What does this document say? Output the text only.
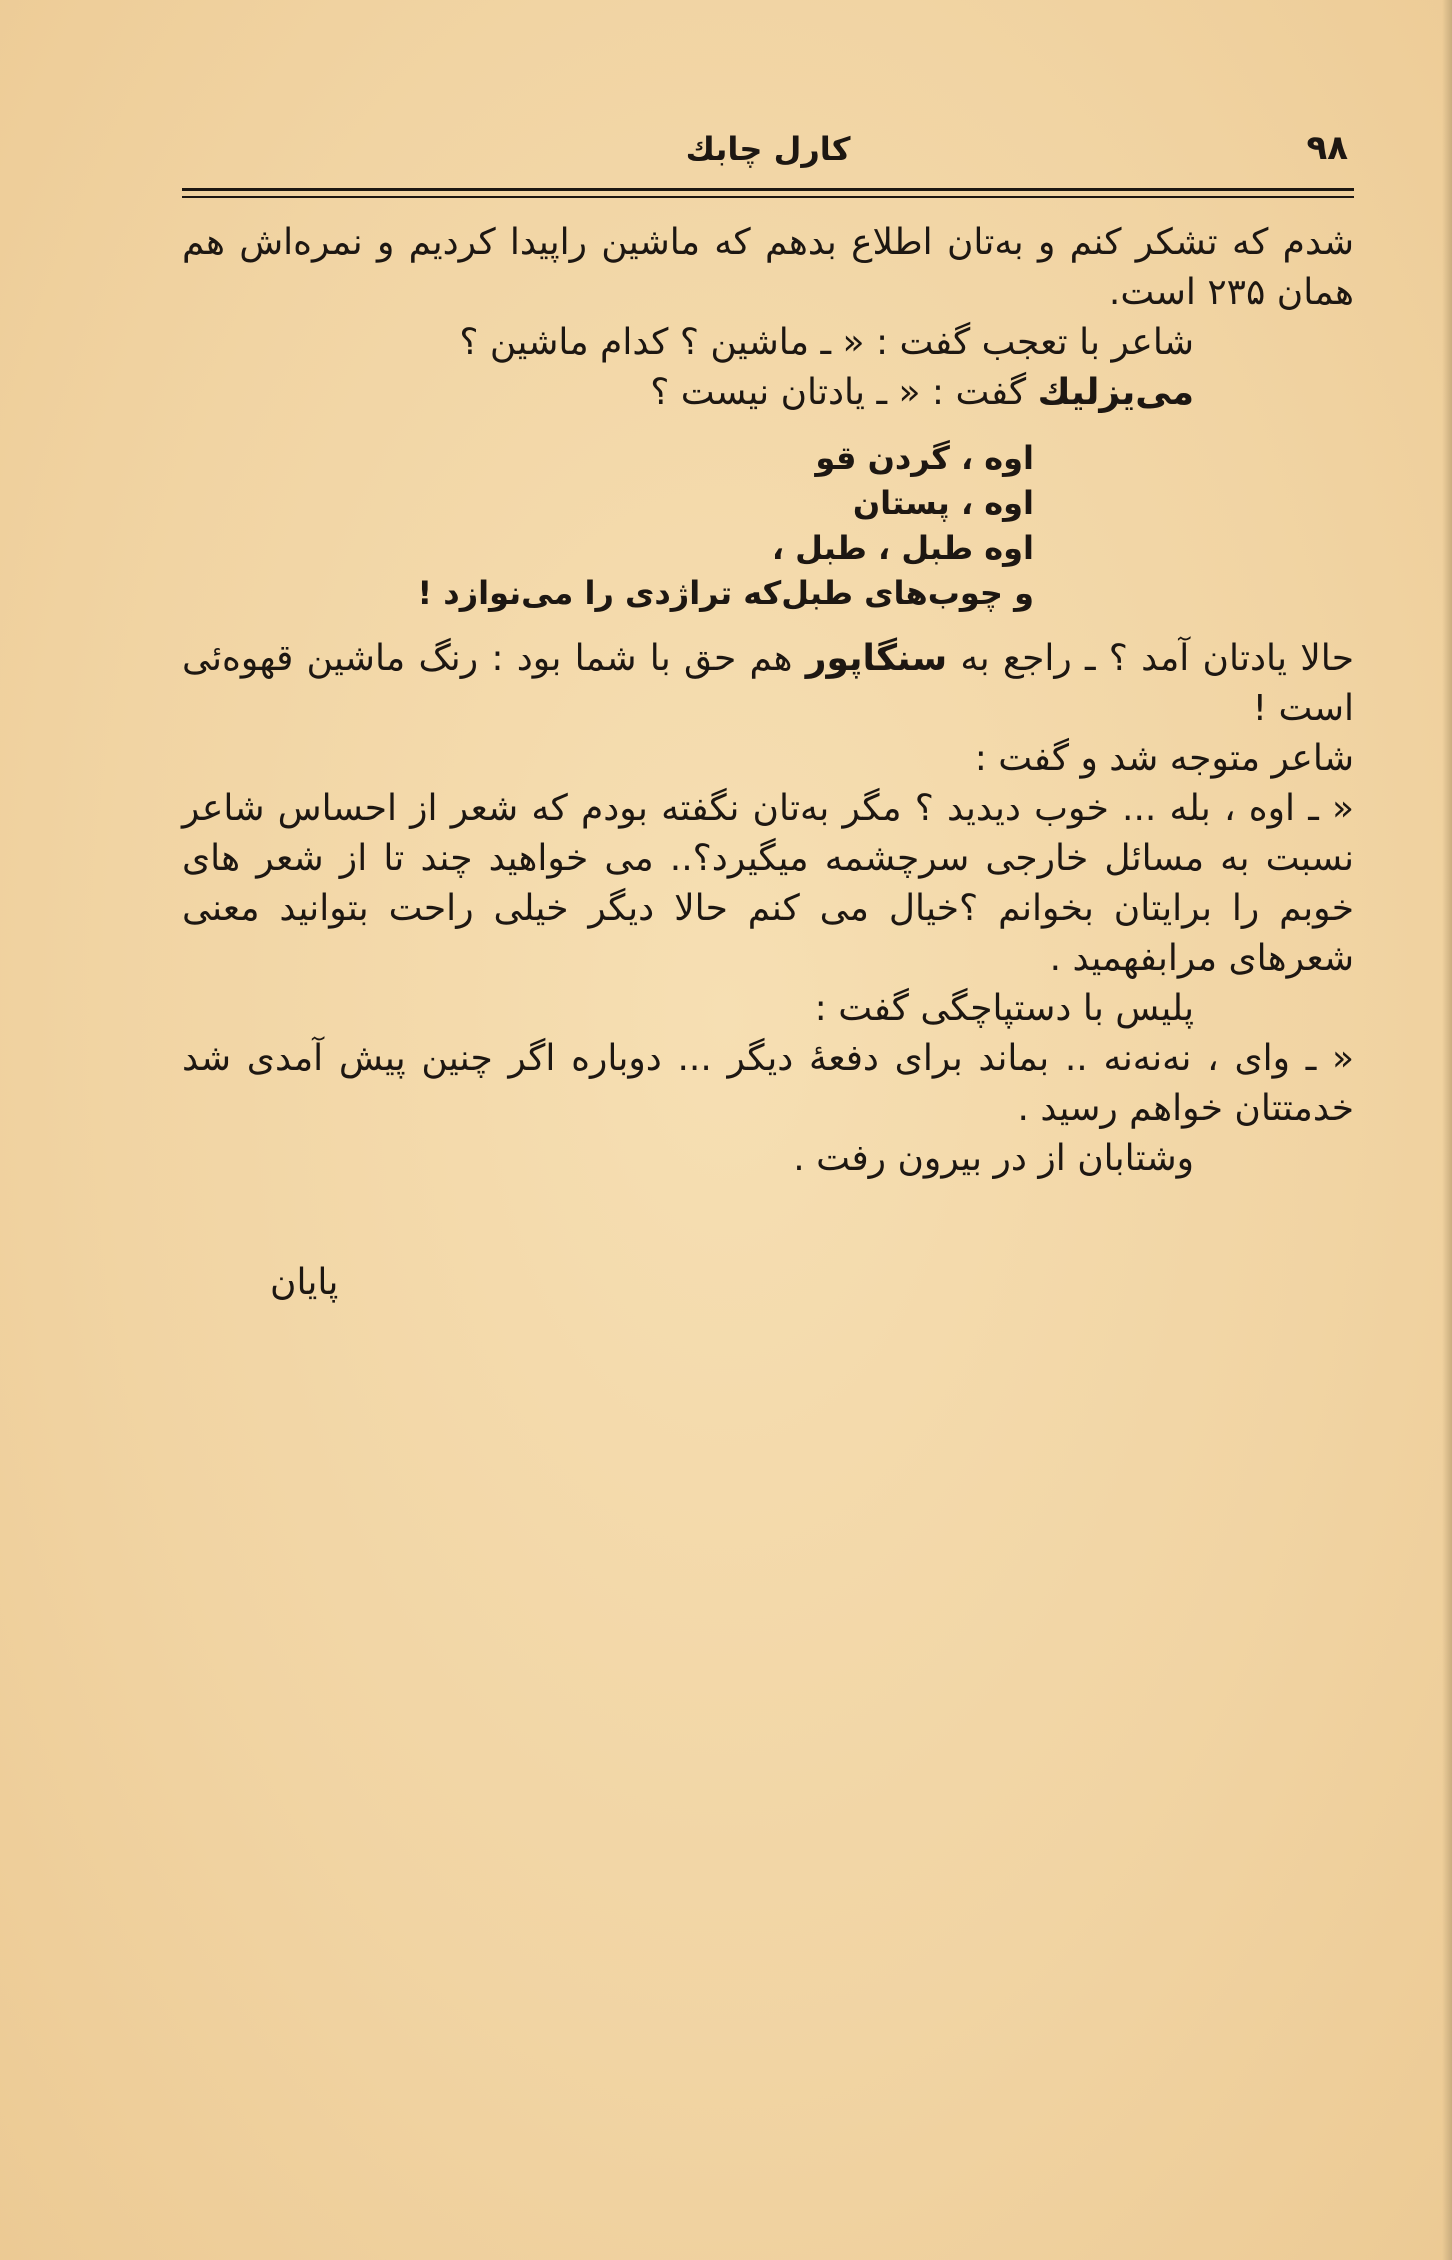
۹۸
کارل چابك

شدم که تشکر کنم و به‌تان اطلاع بدهم که ماشین راپیدا کردیم و نمره‌اش هم همان ۲۳۵ است.

شاعر با تعجب گفت : « ـ ماشین ؟ کدام ماشین ؟

می‌یزلیك گفت : « ـ یادتان نیست ؟

اوه ، گردن قو
اوه ، پستان
اوه طبل ، طبل ،
و چوب‌های طبل‌که تراژدی را می‌نوازد !

حالا یادتان آمد ؟ ـ راجع به سنگاپور هم حق با شما بود : رنگ ماشین قهوه‌ئی است !

شاعر متوجه شد و گفت :

« ـ اوه ، بله ... خوب دیدید ؟ مگر به‌تان نگفته بودم که شعر از احساس شاعر نسبت به مسائل خارجی سرچشمه میگیرد؟.. می خواهید چند تا از شعر های خوبم را برایتان بخوانم ؟خیال می کنم حالا دیگر خیلی راحت بتوانید معنی شعرهای مرابفهمید .

پلیس با دستپاچگی گفت :

« ـ وای ، نه‌نه‌نه .. بماند برای دفعهٔ دیگر ... دوباره اگر چنین پیش آمدی شد خدمتتان خواهم رسید .

وشتابان از در بیرون رفت .

پایان
